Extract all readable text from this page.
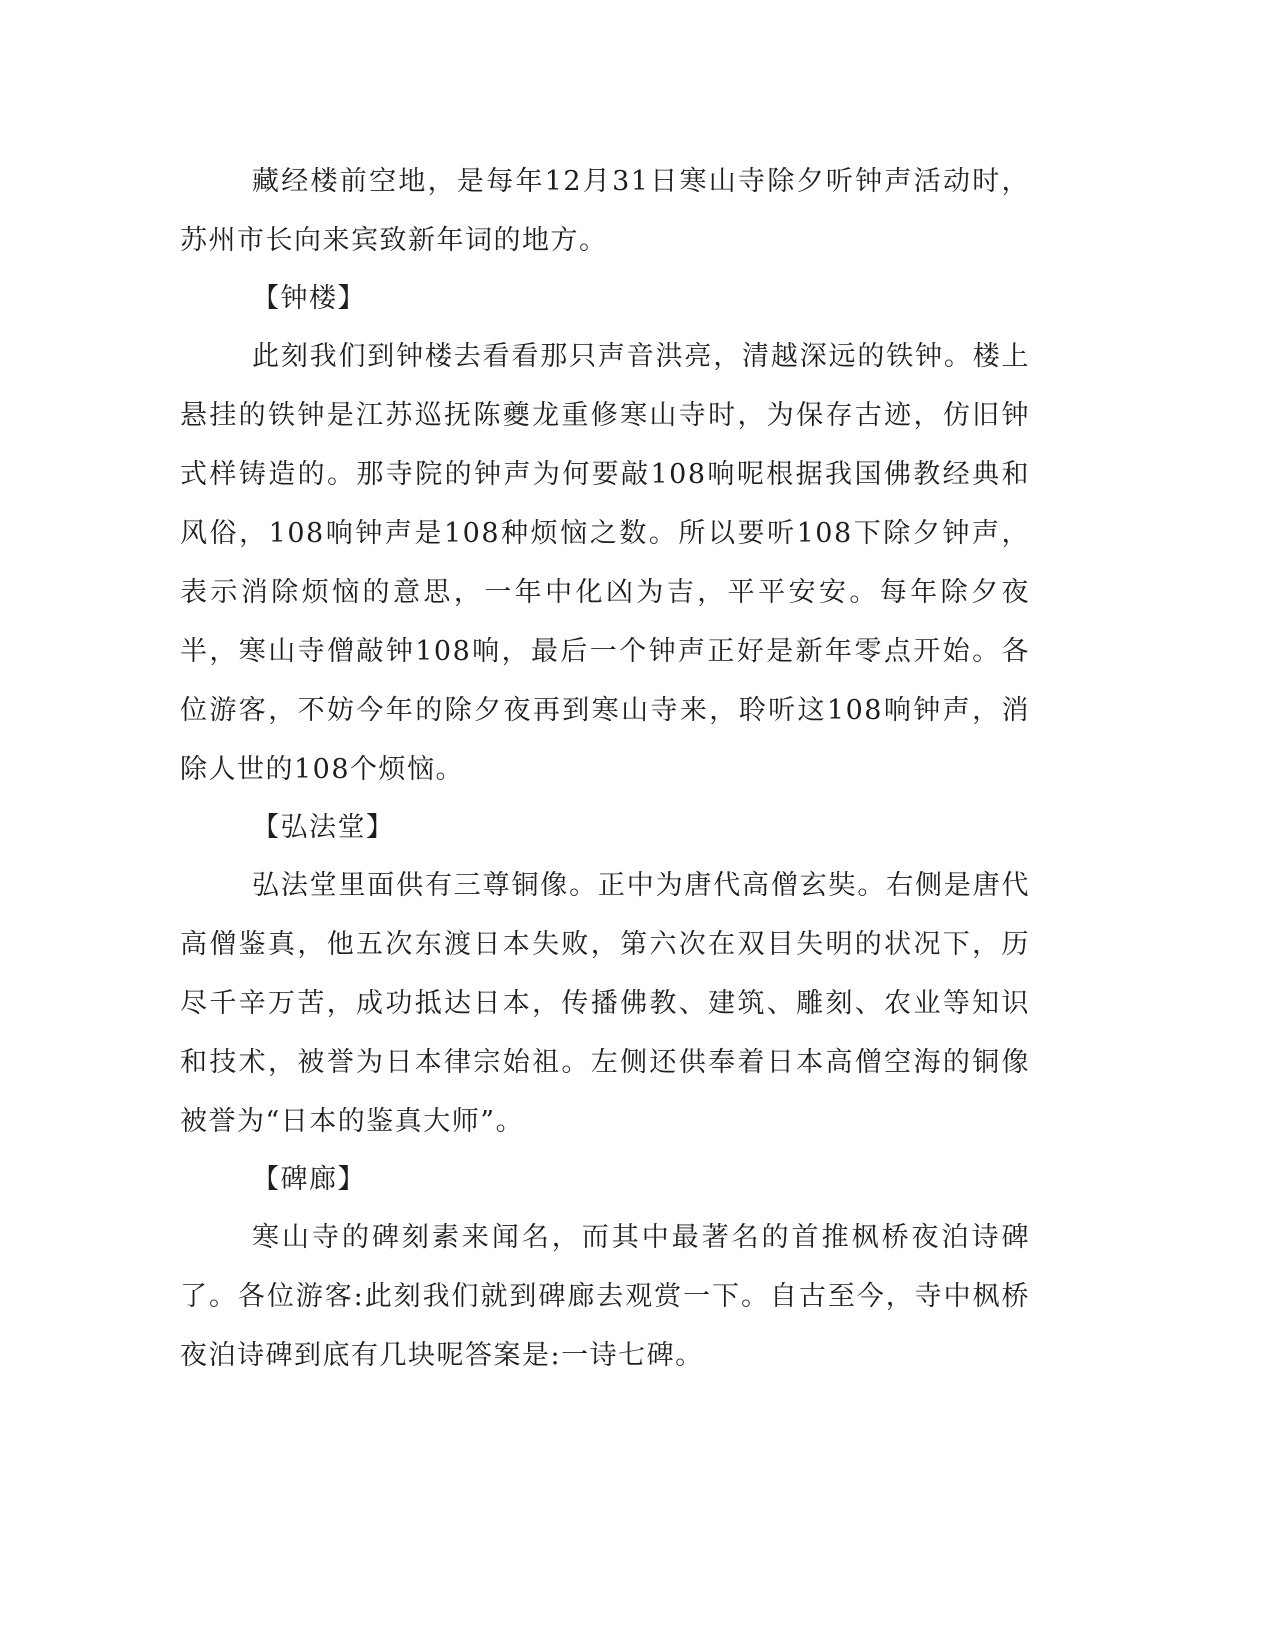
藏经楼前空地，是每年12月31日寒山寺除夕听钟声活动时，苏州市长向来宾致新年词的地方。

【钟楼】

此刻我们到钟楼去看看那只声音洪亮，清越深远的铁钟。楼上悬挂的铁钟是江苏巡抚陈夔龙重修寒山寺时，为保存古迹，仿旧钟式样铸造的。那寺院的钟声为何要敲108响呢根据我国佛教经典和风俗，108响钟声是108种烦恼之数。所以要听108下除夕钟声，表示消除烦恼的意思，一年中化凶为吉，平平安安。每年除夕夜半，寒山寺僧敲钟108响，最后一个钟声正好是新年零点开始。各位游客，不妨今年的除夕夜再到寒山寺来，聆听这108响钟声，消除人世的108个烦恼。

【弘法堂】

弘法堂里面供有三尊铜像。正中为唐代高僧玄奘。右侧是唐代高僧鉴真，他五次东渡日本失败，第六次在双目失明的状况下，历尽千辛万苦，成功抵达日本，传播佛教、建筑、雕刻、农业等知识和技术，被誉为日本律宗始祖。左侧还供奉着日本高僧空海的铜像被誉为“日本的鉴真大师”。

【碑廊】

寒山寺的碑刻素来闻名，而其中最著名的首推枫桥夜泊诗碑了。各位游客:此刻我们就到碑廊去观赏一下。自古至今，寺中枫桥夜泊诗碑到底有几块呢答案是:一诗七碑。
